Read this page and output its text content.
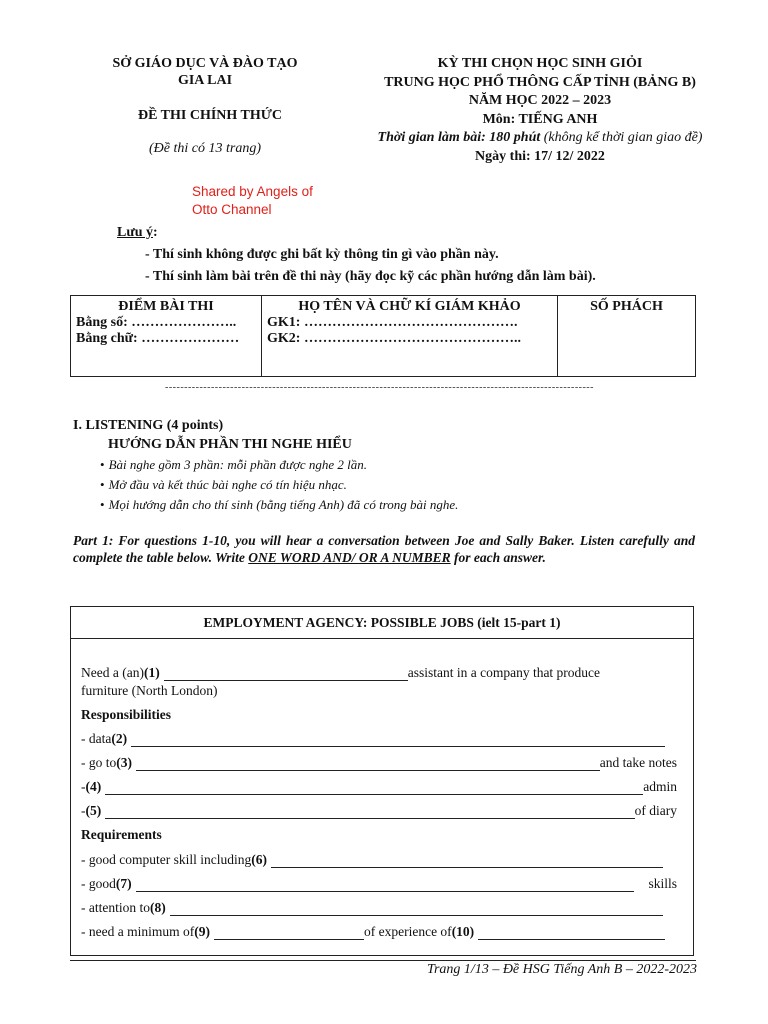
SỞ GIÁO DỤC VÀ ĐÀO TẠO
GIA LAI
ĐỀ THI CHÍNH THỨC
(Đề thi có 13 trang)
Shared by Angels of
Otto Channel
KỲ THI CHỌN HỌC SINH GIỎI
TRUNG HỌC PHỔ THÔNG CẤP TỈNH (BẢNG B)
NĂM HỌC 2022 – 2023
Môn: TIẾNG ANH
Thời gian làm bài: 180 phút (không kể thời gian giao đề)
Ngày thi: 17/ 12/ 2022
Lưu ý:
- Thí sinh không được ghi bất kỳ thông tin gì vào phần này.
- Thí sinh làm bài trên đề thi này (hãy đọc kỹ các phần hướng dẫn làm bài).
ĐIỂM BÀI THI
Bằng số: …………………..
Bằng chữ: …………………

HỌ TÊN VÀ CHỮ KÍ GIÁM KHẢO
GK1: ……………………………………….
GK2: ………………………………………..

SỐ PHÁCH
----------------------------------------------------------------------------------------------------------------
I. LISTENING (4 points)
HƯỚNG DẪN PHẦN THI NGHE HIỂU
• Bài nghe gồm 3 phần: mỗi phần được nghe 2 lần.
• Mở đầu và kết thúc bài nghe có tín hiệu nhạc.
• Mọi hướng dẫn cho thí sinh (bằng tiếng Anh) đã có trong bài nghe.
Part 1: For questions 1-10, you will hear a conversation between Joe and Sally Baker. Listen carefully and complete the table below. Write ONE WORD AND/ OR A NUMBER for each answer.
EMPLOYMENT AGENCY: POSSIBLE JOBS (ielt 15-part 1)
Need a (an) (1)	assistant in a company that produce
furniture (North London)
Responsibilities
- data (2)
- go to (3)	and take notes
- (4)	admin
- (5)	of diary
Requirements
- good computer skill including (6)
- good (7)	skills
- attention to (8)
- need a minimum of (9)	of experience of (10)
Trang 1/13 – Đề HSG Tiếng Anh B – 2022-2023
